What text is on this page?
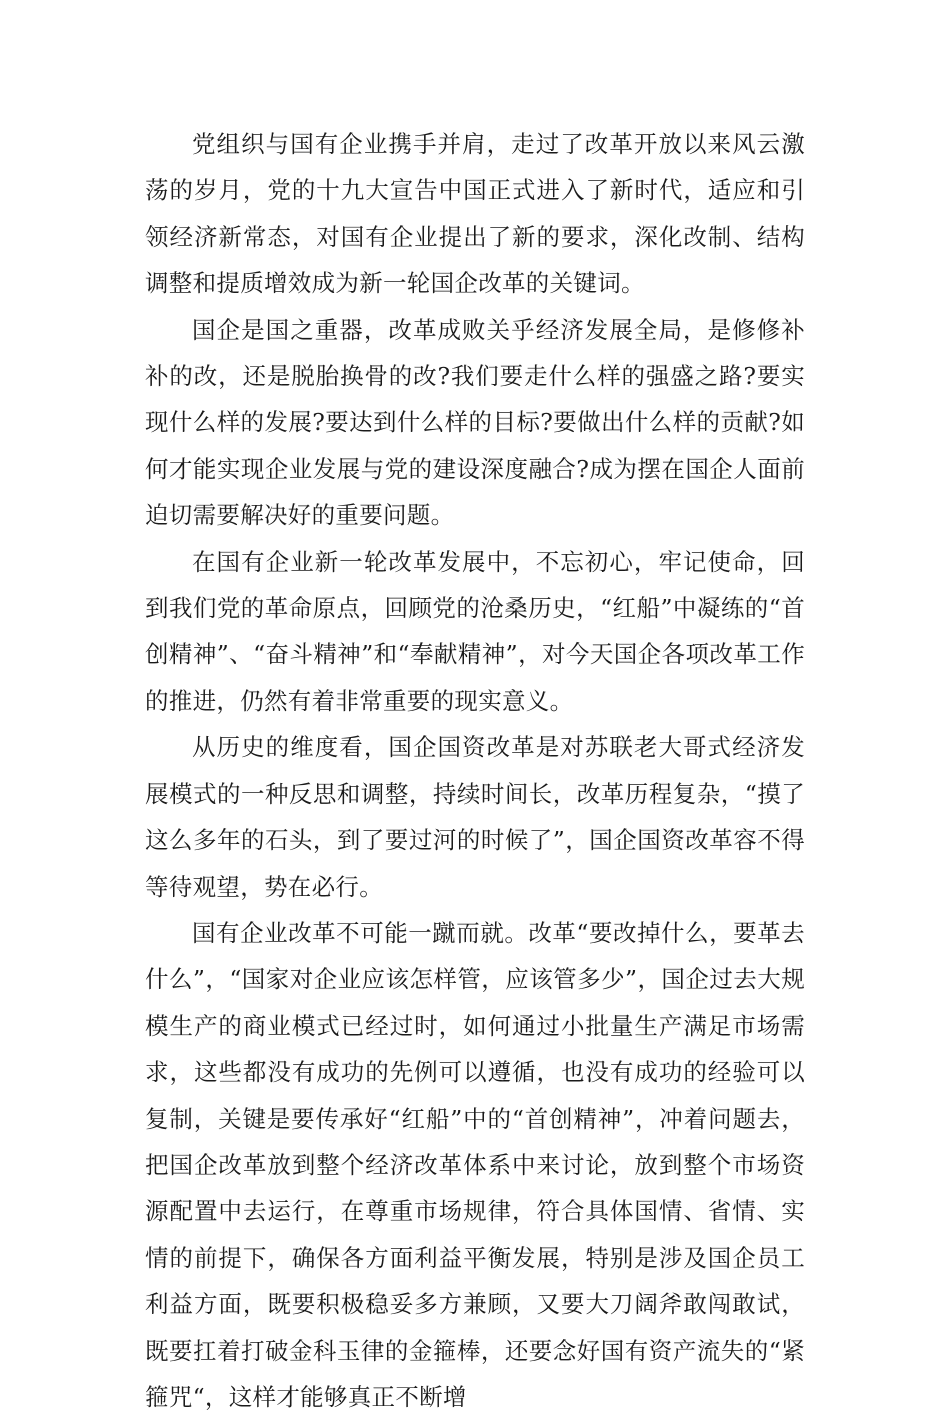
党组织与国有企业携手并肩，走过了改革开放以来风云激荡的岁月，党的十九大宣告中国正式进入了新时代，适应和引领经济新常态，对国有企业提出了新的要求，深化改制、结构调整和提质增效成为新一轮国企改革的关键词。

国企是国之重器，改革成败关乎经济发展全局，是修修补补的改，还是脱胎换骨的改?我们要走什么样的强盛之路?要实现什么样的发展?要达到什么样的目标?要做出什么样的贡献?如何才能实现企业发展与党的建设深度融合?成为摆在国企人面前迫切需要解决好的重要问题。

在国有企业新一轮改革发展中，不忘初心，牢记使命，回到我们党的革命原点，回顾党的沧桑历史，“红船”中凝练的“首创精神”、“奋斗精神”和“奉献精神”，对今天国企各项改革工作的推进，仍然有着非常重要的现实意义。

从历史的维度看，国企国资改革是对苏联老大哥式经济发展模式的一种反思和调整，持续时间长，改革历程复杂，“摸了这么多年的石头，到了要过河的时候了”，国企国资改革容不得等待观望，势在必行。

国有企业改革不可能一蹴而就。改革“要改掉什么，要革去什么”，“国家对企业应该怎样管，应该管多少”，国企过去大规模生产的商业模式已经过时，如何通过小批量生产满足市场需求，这些都没有成功的先例可以遵循，也没有成功的经验可以复制，关键是要传承好“红船”中的“首创精神”，冲着问题去，把国企改革放到整个经济改革体系中来讨论，放到整个市场资源配置中去运行，在尊重市场规律，符合具体国情、省情、实情的前提下，确保各方面利益平衡发展，特别是涉及国企员工利益方面，既要积极稳妥多方兼顾，又要大刀阔斧敢闯敢试，既要扛着打破金科玉律的金箍棒，还要念好国有资产流失的“紧箍咒“，这样才能够真正不断增
